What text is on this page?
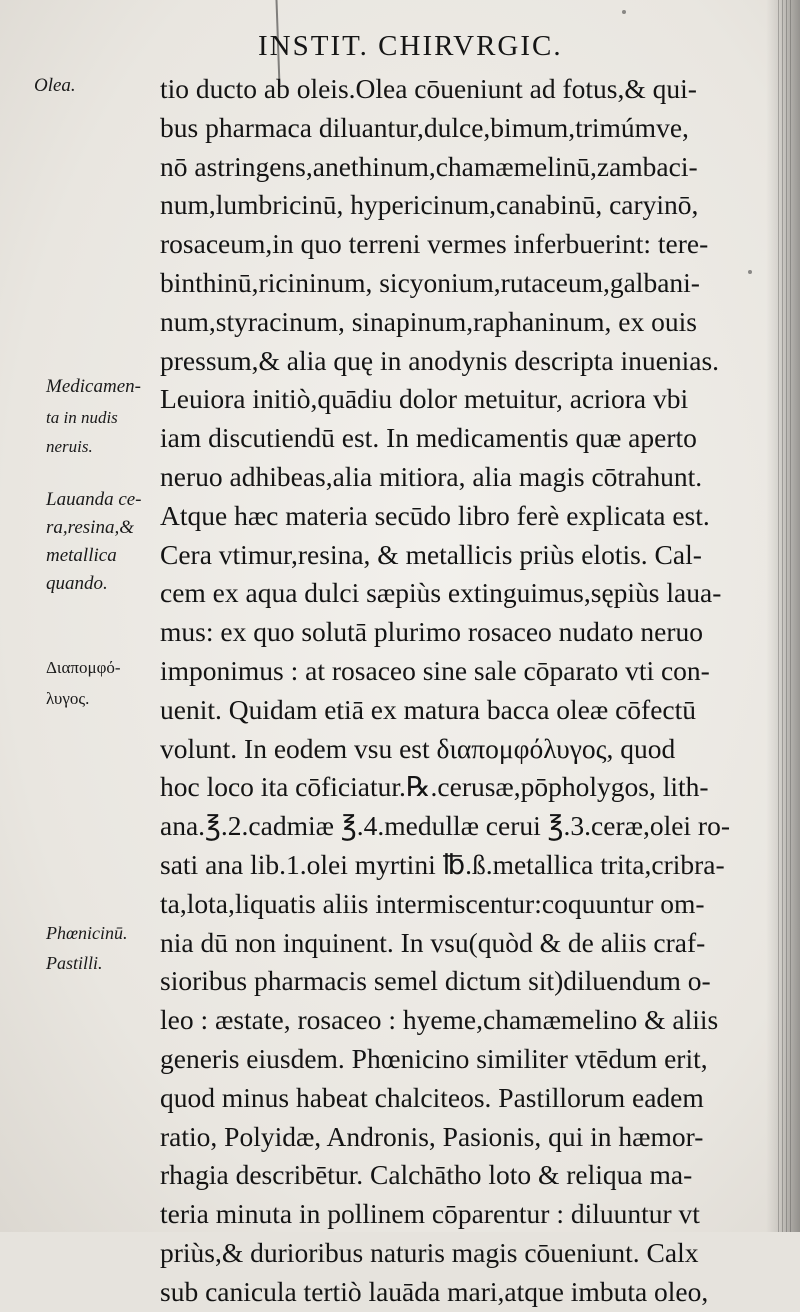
INSTIT. CHIRVRGIC.
Olea.
Medicamen-
ta in nudis
neruis.
Lauanda ce-
ra,resina,&
metallica
quando.
Διαπομφό-
λυγος.
Phœnicinū.
Pastilli.
tio ducto ab oleis.Olea cōueniunt ad fotus,& qui-
bus pharmaca diluantur,dulce,bimum,trimúmve,
nō astringens,anethinum,chamæmelinū,zambaci-
num,lumbricinū, hypericinum,canabinū, caryinō,
rosaceum,in quo terreni vermes inferbuerint: tere-
binthinū,ricininum, sicyonium,rutaceum,galbani-
num,styracinum, sinapinum,raphaninum, ex ouis
pressum,& alia quę in anodynis descripta inuenias.
Leuiora initiò,quādiu dolor metuitur, acriora vbi
iam discutiendū est. In medicamentis quæ aperto
neruo adhibeas,alia mitiora, alia magis cōtrahunt.
Atque hæc materia secūdo libro ferè explicata est.
Cera vtimur,resina, & metallicis priùs elotis. Cal-
cem ex aqua dulci sæpiùs extinguimus,sępiùs laua-
mus: ex quo solutā plurimo rosaceo nudato neruo
imponimus : at rosaceo sine sale cōparato vti con-
uenit. Quidam etiā ex matura bacca oleæ cōfectū
volunt. In eodem vsu est διαπομφόλυγος, quod
hoc loco ita cōficiatur.℞.cerusæ,pōpholygos, lith-
ana.℥.2.cadmiæ ℥.4.medullæ cerui ℥.3.ceræ,olei ro-
sati ana lib.1.olei myrtini ℔.ß.metallica trita,cribra-
ta,lota,liquatis aliis intermiscentur:coquuntur om-
nia dū non inquinent. In vsu(quòd & de aliis craf-
sioribus pharmacis semel dictum sit)diluendum o-
leo : æstate, rosaceo : hyeme,chamæmelino & aliis
generis eiusdem. Phœnicino similiter vtēdum erit,
quod minus habeat chalciteos. Pastillorum eadem
ratio, Polyidæ, Andronis, Pasionis, qui in hæmor-
rhagia describētur. Calchātho loto & reliqua ma-
teria minuta in pollinem cōparentur : diluuntur vt
priùs,& durioribus naturis magis cōueniunt. Calx
sub canicula tertiò lauāda mari,atque imbuta oleo,
